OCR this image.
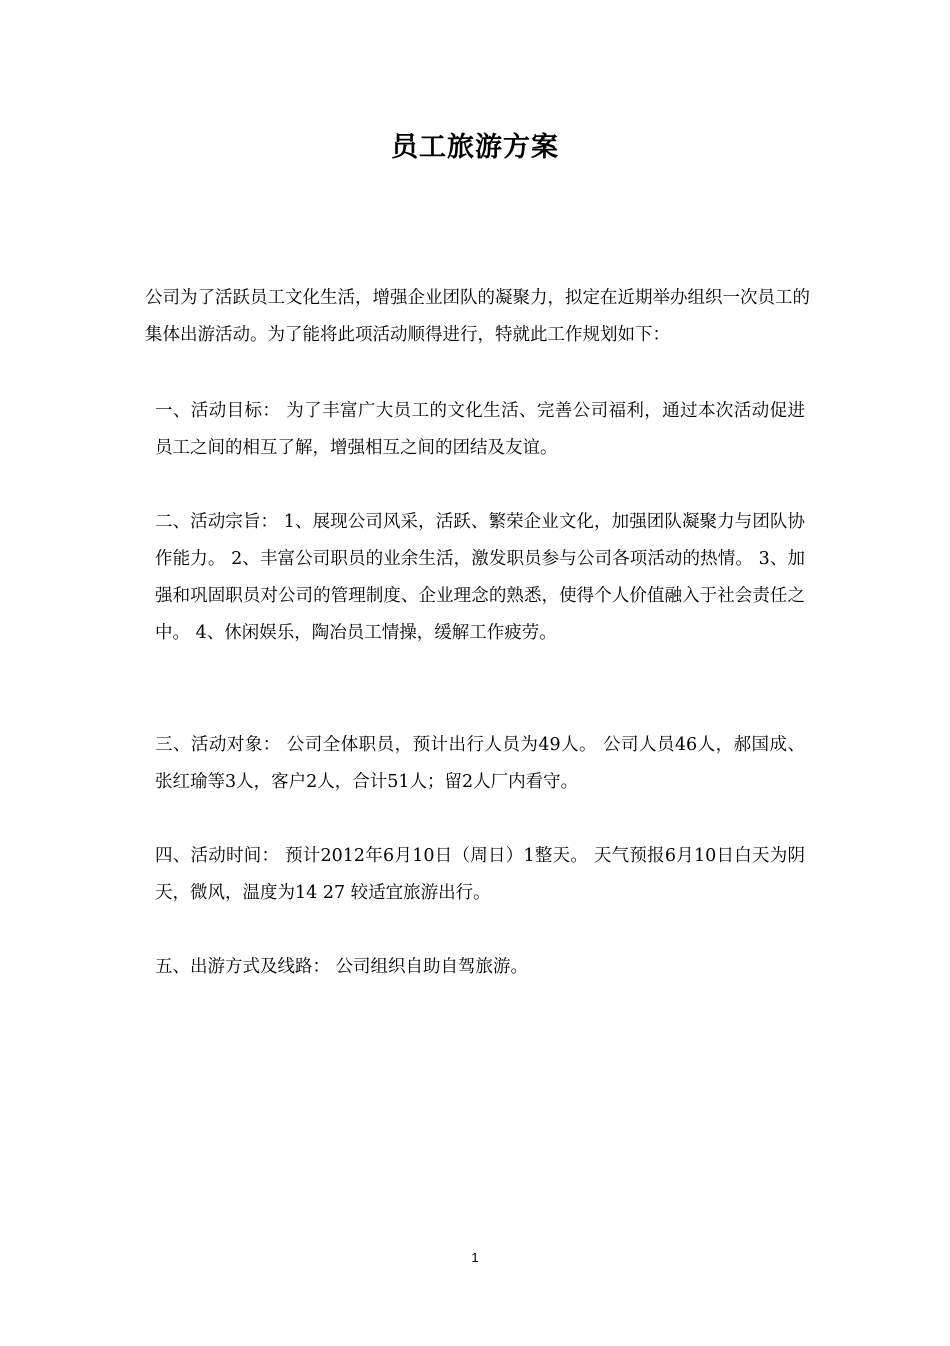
员工旅游方案
公司为了活跃员工文化生活，增强企业团队的凝聚力，拟定在近期举办组织一次员工的集体出游活动。为了能将此项活动顺得进行，特就此工作规划如下：
一、活动目标： 为了丰富广大员工的文化生活、完善公司福利，通过本次活动促进员工之间的相互了解，增强相互之间的团结及友谊。
二、活动宗旨： 1、展现公司风采，活跃、繁荣企业文化，加强团队凝聚力与团队协作能力。 2、丰富公司职员的业余生活，激发职员参与公司各项活动的热情。 3、加强和巩固职员对公司的管理制度、企业理念的熟悉，使得个人价值融入于社会责任之中。 4、休闲娱乐，陶冶员工情操，缓解工作疲劳。
三、活动对象： 公司全体职员，预计出行人员为49人。 公司人员46人，郝国成、张红瑜等3人，客户2人，合计51人；留2人厂内看守。
四、活动时间： 预计2012年6月10日（周日）1整天。 天气预报6月10日白天为阴天，微风，温度为14 27 较适宜旅游出行。
五、出游方式及线路： 公司组织自助自驾旅游。
1
